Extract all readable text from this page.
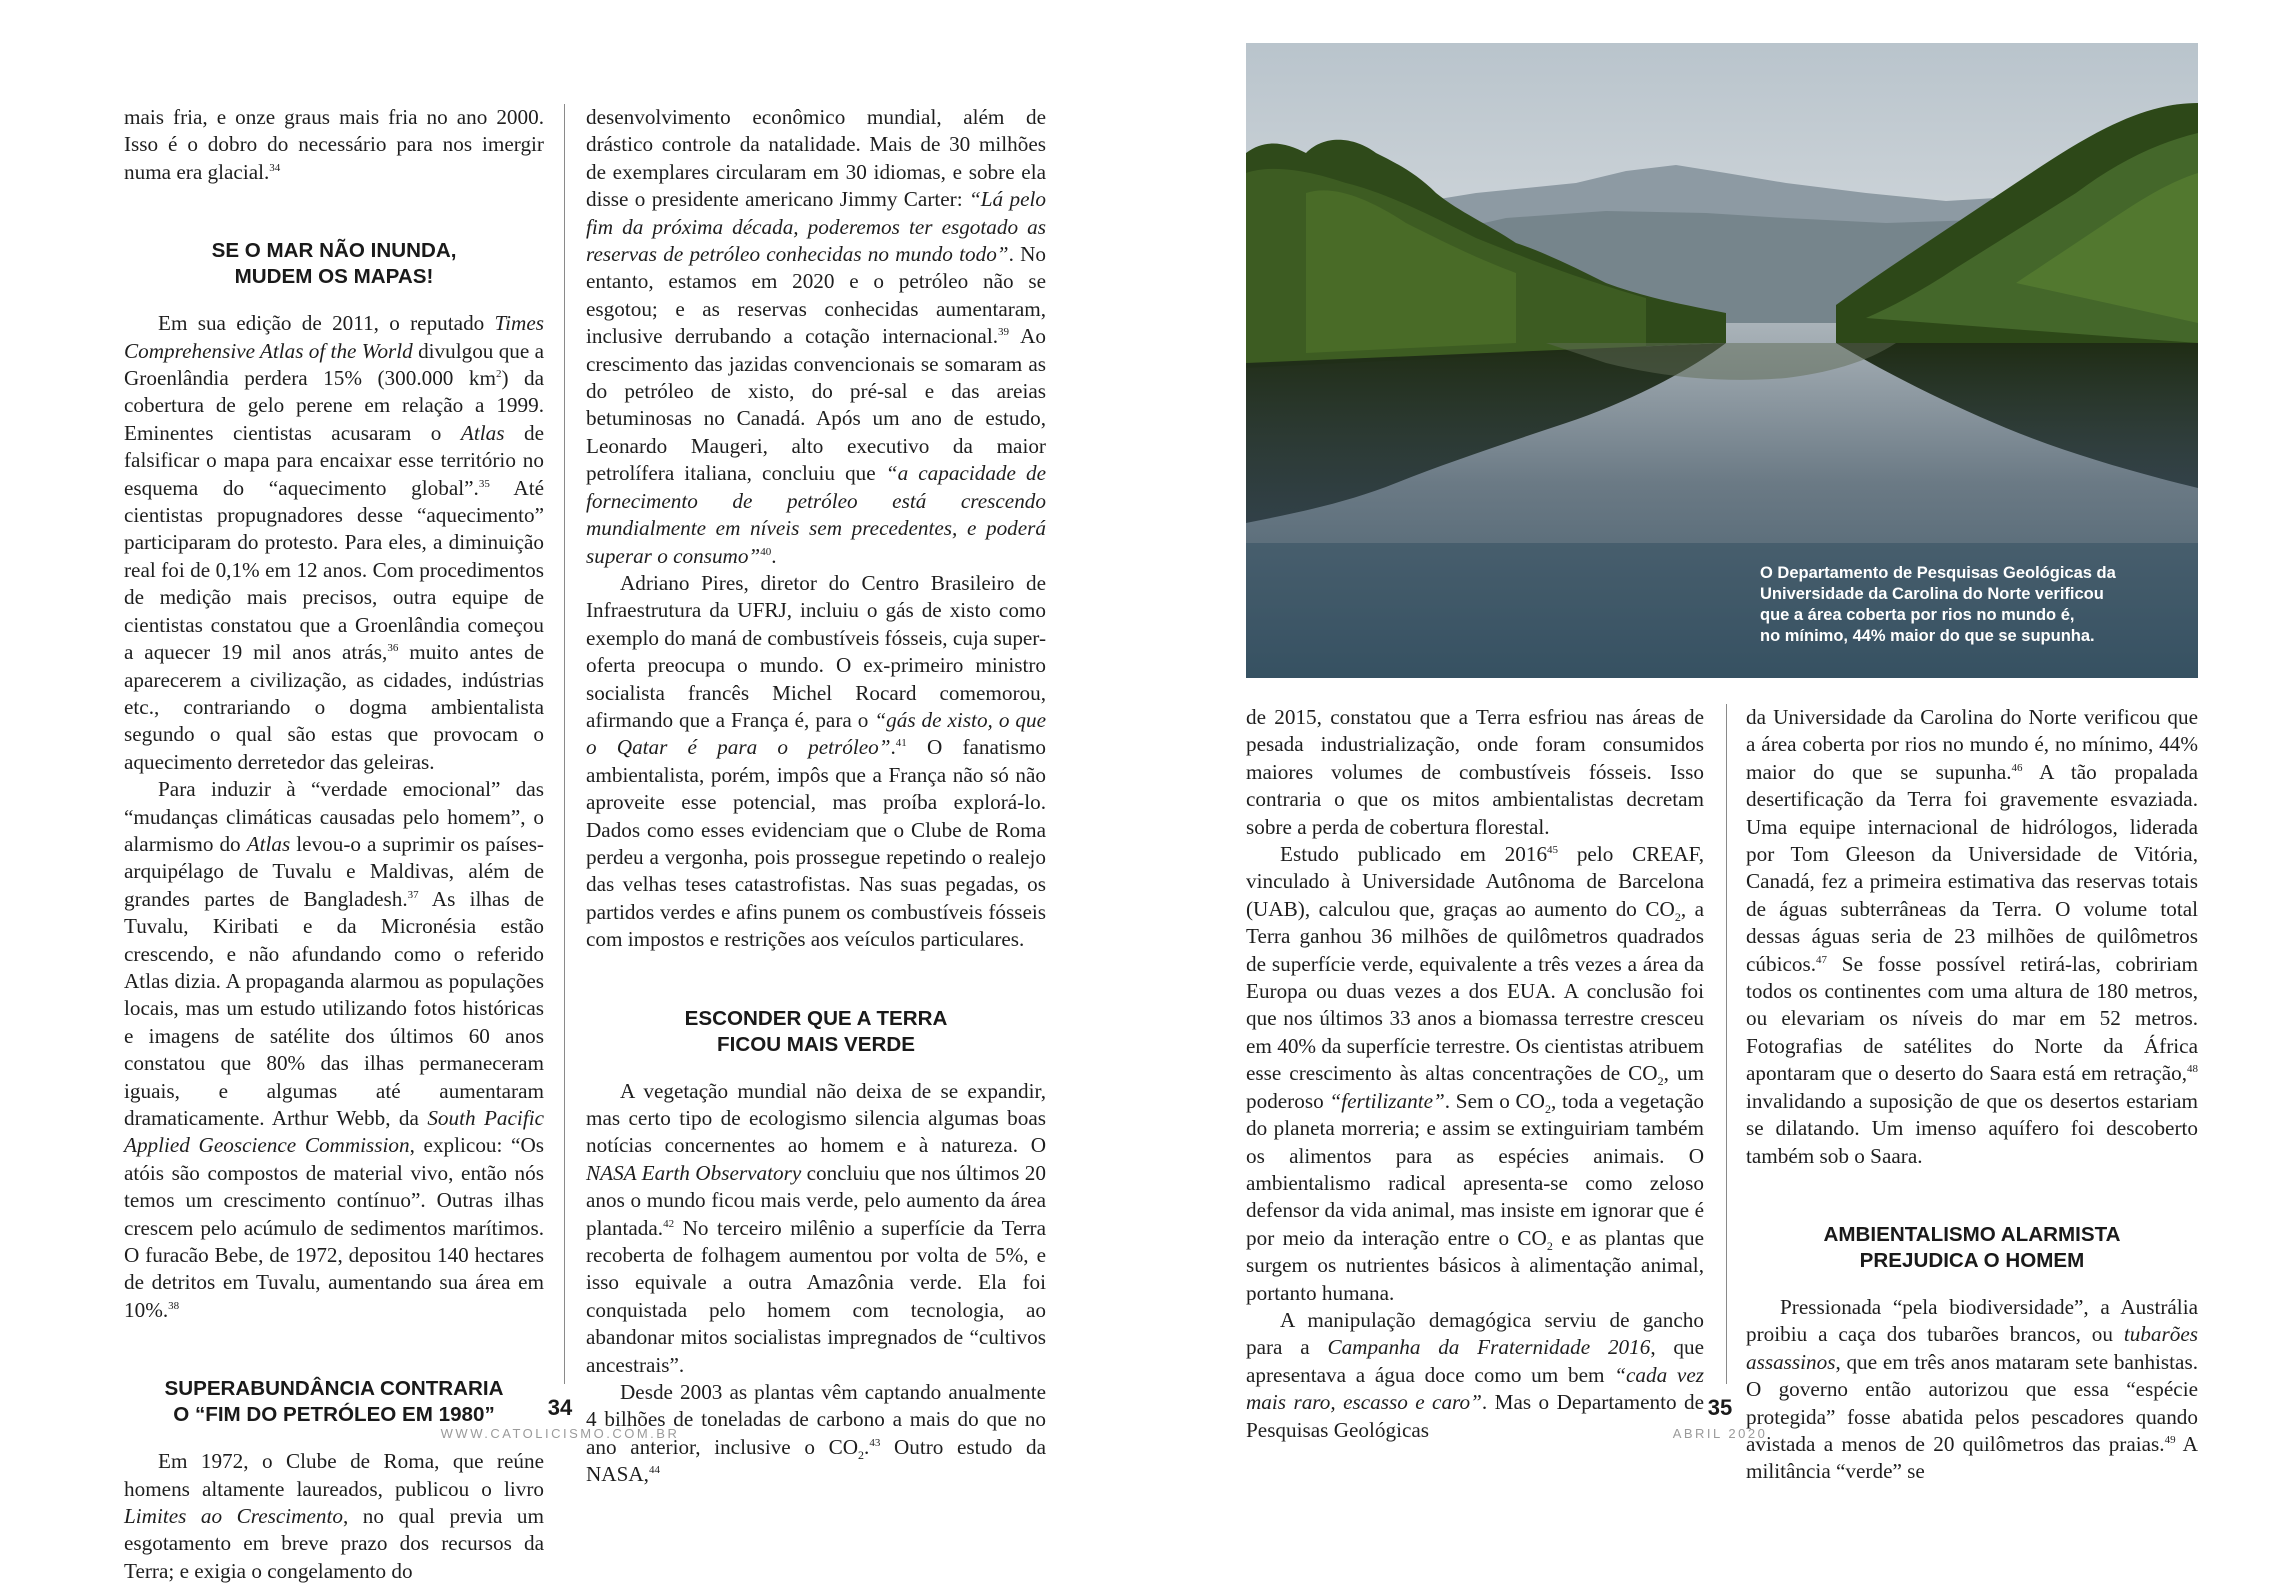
mais fria, e onze graus mais fria no ano 2000. Isso é o dobro do necessário para nos imergir numa era glacial.$^{34}$

SE O MAR NÃO INUNDA,
MUDEM OS MAPAS!

Em sua edição de 2011, o reputado Times Comprehensive Atlas of the World divulgou que a Groenlândia perdera 15% (300.000 $km^2$) da cobertura de gelo perene em relação a 1999. Eminentes cientistas acusaram o Atlas de falsificar o mapa para encaixar esse território no esquema do “aquecimento global”.$^{35}$ Até cientistas propugnadores desse “aquecimento” participaram do protesto. Para eles, a diminuição real foi de 0,1% em 12 anos. Com procedimentos de medição mais precisos, outra equipe de cientistas constatou que a Groenlândia começou a aquecer 19 mil anos atrás,$^{36}$ muito antes de aparecerem a civilização, as cidades, indústrias etc., contrariando o dogma ambientalista segundo o qual são estas que provocam o aquecimento derretedor das geleiras.

Para induzir à “verdade emocional” das “mudanças climáticas causadas pelo homem”, o alarmismo do Atlas levou-o a suprimir os países-arquipélago de Tuvalu e Maldivas, além de grandes partes de Bangladesh.$^{37}$ As ilhas de Tuvalu, Kiribati e da Micronésia estão crescendo, e não afundando como o referido Atlas dizia. A propaganda alarmou as populações locais, mas um estudo utilizando fotos históricas e imagens de satélite dos últimos 60 anos constatou que 80% das ilhas permaneceram iguais, e algumas até aumentaram dramaticamente. Arthur Webb, da South Pacific Applied Geoscience Commission, explicou: “Os atóis são compostos de material vivo, então nós temos um crescimento contínuo”. Outras ilhas crescem pelo acúmulo de sedimentos marítimos. O furacão Bebe, de 1972, depositou 140 hectares de detritos em Tuvalu, aumentando sua área em 10%.$^{38}$

SUPERABUNDÂNCIA CONTRARIA
O “FIM DO PETRÓLEO EM 1980”

Em 1972, o Clube de Roma, que reúne homens altamente laureados, publicou o livro Limites ao Crescimento, no qual previa um esgotamento em breve prazo dos recursos da Terra; e exigia o congelamento do

desenvolvimento econômico mundial, além de drástico controle da natalidade. Mais de 30 milhões de exemplares circularam em 30 idiomas, e sobre ela disse o presidente americano Jimmy Carter: “Lá pelo fim da próxima década, poderemos ter esgotado as reservas de petróleo conhecidas no mundo todo”. No entanto, estamos em 2020 e o petróleo não se esgotou; e as reservas conhecidas aumentaram, inclusive derrubando a cotação internacional.$^{39}$ Ao crescimento das jazidas convencionais se somaram as do petróleo de xisto, do pré-sal e das areias betuminosas no Canadá. Após um ano de estudo, Leonardo Maugeri, alto executivo da maior petrolífera italiana, concluiu que “a capacidade de fornecimento de petróleo está crescendo mundialmente em níveis sem precedentes, e poderá superar o consumo”$^{40}$.

Adriano Pires, diretor do Centro Brasileiro de Infraestrutura da UFRJ, incluiu o gás de xisto como exemplo do maná de combustíveis fósseis, cuja super-oferta preocupa o mundo. O ex-primeiro ministro socialista francês Michel Rocard comemorou, afirmando que a França é, para o “gás de xisto, o que o Qatar é para o petróleo”.$^{41}$ O fanatismo ambientalista, porém, impôs que a França não só não aproveite esse potencial, mas proíba explorá-lo. Dados como esses evidenciam que o Clube de Roma perdeu a vergonha, pois prossegue repetindo o realejo das velhas teses catastrofistas. Nas suas pegadas, os partidos verdes e afins punem os combustíveis fósseis com impostos e restrições aos veículos particulares.

ESCONDER QUE A TERRA
FICOU MAIS VERDE

A vegetação mundial não deixa de se expandir, mas certo tipo de ecologismo silencia algumas boas notícias concernentes ao homem e à natureza. O NASA Earth Observatory concluiu que nos últimos 20 anos o mundo ficou mais verde, pelo aumento da área plantada.$^{42}$ No terceiro milênio a superfície da Terra recoberta de folhagem aumentou por volta de 5%, e isso equivale a outra Amazônia verde. Ela foi conquistada pelo homem com tecnologia, ao abandonar mitos socialistas impregnados de “cultivos ancestrais”.

Desde 2003 as plantas vêm captando anualmente 4 bilhões de toneladas de carbono a mais do que no ano anterior, inclusive o $CO_2.^{43}$ Outro estudo da NASA,$^{44}$

34
WWW.CATOLICISMO.COM.BR
O Departamento de Pesquisas Geológicas da
Universidade da Carolina do Norte verificou
que a área coberta por rios no mundo é,
no mínimo, 44% maior do que se supunha.

de 2015, constatou que a Terra esfriou nas áreas de pesada industrialização, onde foram consumidos maiores volumes de combustíveis fósseis. Isso contraria o que os mitos ambientalistas decretam sobre a perda de cobertura florestal.

Estudo publicado em 2016$^{45}$ pelo CREAF, vinculado à Universidade Autônoma de Barcelona (UAB), calculou que, graças ao aumento do $CO_2$, a Terra ganhou 36 milhões de quilômetros quadrados de superfície verde, equivalente a três vezes a área da Europa ou duas vezes a dos EUA. A conclusão foi que nos últimos 33 anos a biomassa terrestre cresceu em 40% da superfície terrestre. Os cientistas atribuem esse crescimento às altas concentrações de $CO_2$, um poderoso “fertilizante”. Sem o $CO_2$, toda a vegetação do planeta morreria; e assim se extinguiriam também os alimentos para as espécies animais. O ambientalismo radical apresenta-se como zeloso defensor da vida animal, mas insiste em ignorar que é por meio da interação entre o $CO_2$ e as plantas que surgem os nutrientes básicos à alimentação animal, portanto humana.

A manipulação demagógica serviu de gancho para a Campanha da Fraternidade 2016, que apresentava a água doce como um bem “cada vez mais raro, escasso e caro”. Mas o Departamento de Pesquisas Geológicas

da Universidade da Carolina do Norte verificou que a área coberta por rios no mundo é, no mínimo, 44% maior do que se supunha.$^{46}$ A tão propalada desertificação da Terra foi gravemente esvaziada. Uma equipe internacional de hidrólogos, liderada por Tom Gleeson da Universidade de Vitória, Canadá, fez a primeira estimativa das reservas totais de águas subterrâneas da Terra. O volume total dessas águas seria de 23 milhões de quilômetros cúbicos.$^{47}$ Se fosse possível retirá-las, cobririam todos os continentes com uma altura de 180 metros, ou elevariam os níveis do mar em 52 metros. Fotografias de satélites do Norte da África apontaram que o deserto do Saara está em retração,$^{48}$ invalidando a suposição de que os desertos estariam se dilatando. Um imenso aquífero foi descoberto também sob o Saara.

AMBIENTALISMO ALARMISTA
PREJUDICA O HOMEM

Pressionada “pela biodiversidade”, a Austrália proibiu a caça dos tubarões brancos, ou tubarões assassinos, que em três anos mataram sete banhistas. O governo então autorizou que essa “espécie protegida” fosse abatida pelos pescadores quando avistada a menos de 20 quilômetros das praias.$^{49}$ A militância “verde” se

35
ABRIL 2020
